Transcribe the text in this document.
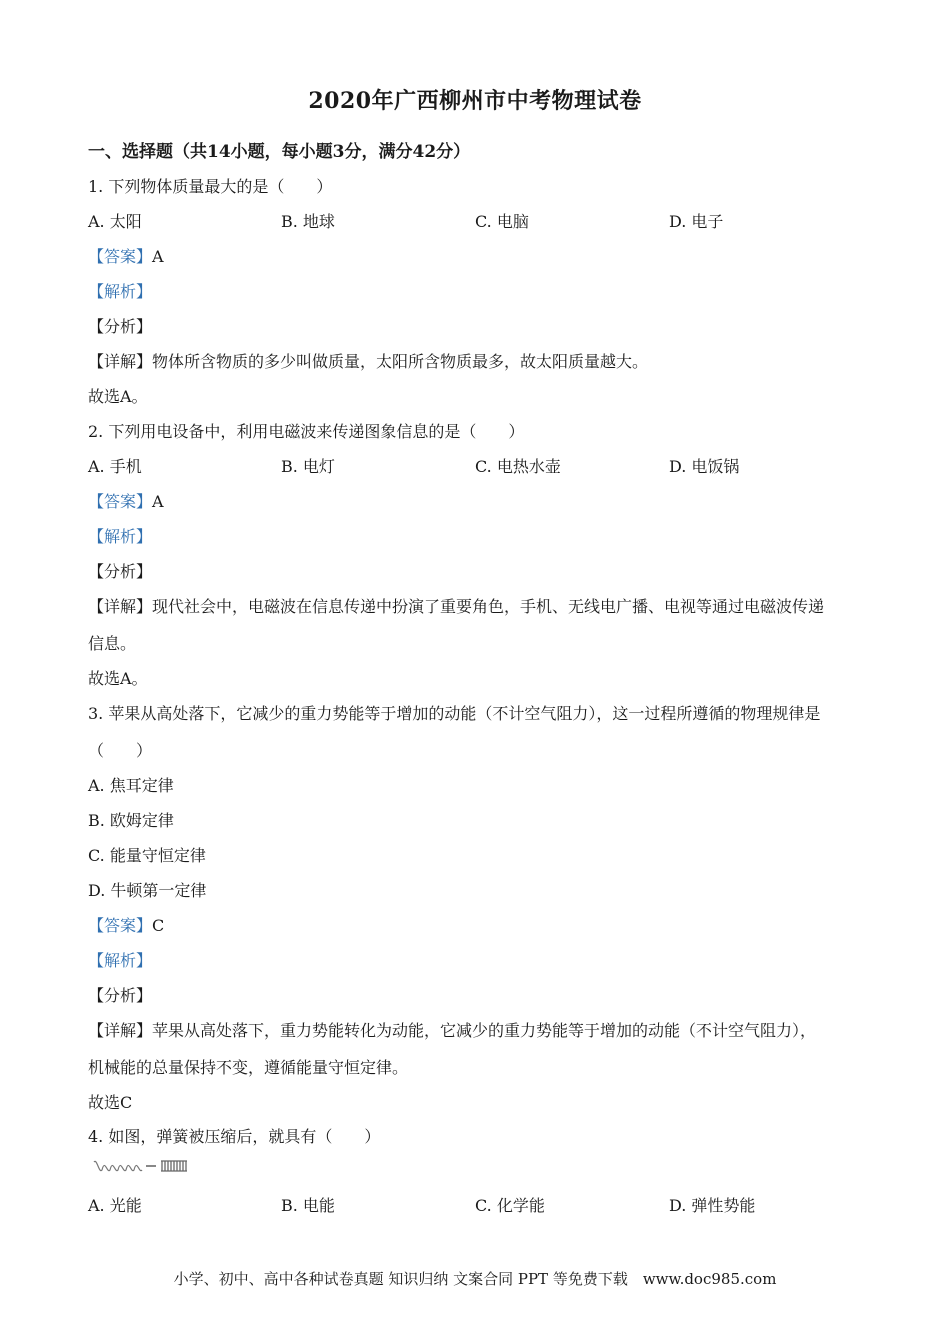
2020年广西柳州市中考物理试卷
一、选择题（共14小题，每小题3分，满分42分）
1. 下列物体质量最大的是（　　）
A. 太阳	B. 地球	C. 电脑	D. 电子
【答案】A
【解析】
【分析】
【详解】物体所含物质的多少叫做质量，太阳所含物质最多，故太阳质量越大。
故选A。
2. 下列用电设备中，利用电磁波来传递图象信息的是（　　）
A. 手机	B. 电灯	C. 电热水壶	D. 电饭锅
【答案】A
【解析】
【分析】
【详解】现代社会中，电磁波在信息传递中扮演了重要角色，手机、无线电广播、电视等通过电磁波传递
信息。
故选A。
3. 苹果从高处落下，它减少的重力势能等于增加的动能（不计空气阻力），这一过程所遵循的物理规律是
（　　）
A. 焦耳定律
B. 欧姆定律
C. 能量守恒定律
D. 牛顿第一定律
【答案】C
【解析】
【分析】
【详解】苹果从高处落下，重力势能转化为动能，它减少的重力势能等于增加的动能（不计空气阻力），
机械能的总量保持不变，遵循能量守恒定律。
故选C
4. 如图，弹簧被压缩后，就具有（　　）
A. 光能	B. 电能	C. 化学能	D. 弹性势能
小学、初中、高中各种试卷真题 知识归纳 文案合同 PPT 等免费下载　www.doc985.com
